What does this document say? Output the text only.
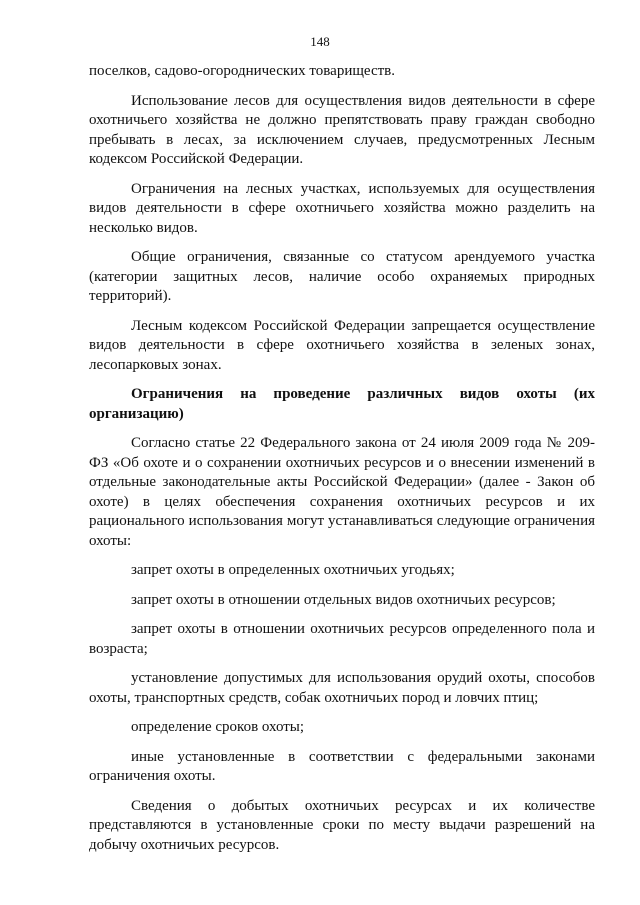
148

поселков, садово-огороднических товариществ.

Использование лесов для осуществления видов деятельности в сфере охотничьего хозяйства не должно препятствовать праву граждан свободно пребывать в лесах, за исключением случаев, предусмотренных Лесным кодексом Российской Федерации.

Ограничения на лесных участках, используемых для осуществления видов деятельности в сфере охотничьего хозяйства можно разделить на несколько видов.

Общие ограничения, связанные со статусом арендуемого участка (категории защитных лесов, наличие особо охраняемых природных территорий).

Лесным кодексом Российской Федерации запрещается осуществление видов деятельности в сфере охотничьего хозяйства в зеленых зонах, лесопарковых зонах.

Ограничения на проведение различных видов охоты (их организацию)

Согласно статье 22 Федерального закона от 24 июля 2009 года № 209-ФЗ «Об охоте и о сохранении охотничьих ресурсов и о внесении изменений в отдельные законодательные акты Российской Федерации» (далее - Закон об охоте) в целях обеспечения сохранения охотничьих ресурсов и их рационального использования могут устанавливаться следующие ограничения охоты:

запрет охоты в определенных охотничьих угодьях;

запрет охоты в отношении отдельных видов охотничьих ресурсов;

запрет охоты в отношении охотничьих ресурсов определенного пола и возраста;

установление допустимых для использования орудий охоты, способов охоты, транспортных средств, собак охотничьих пород и ловчих птиц;

определение сроков охоты;

иные установленные в соответствии с федеральными законами ограничения охоты.

Сведения о добытых охотничьих ресурсах и их количестве представляются в установленные сроки по месту выдачи разрешений на добычу охотничьих ресурсов.
